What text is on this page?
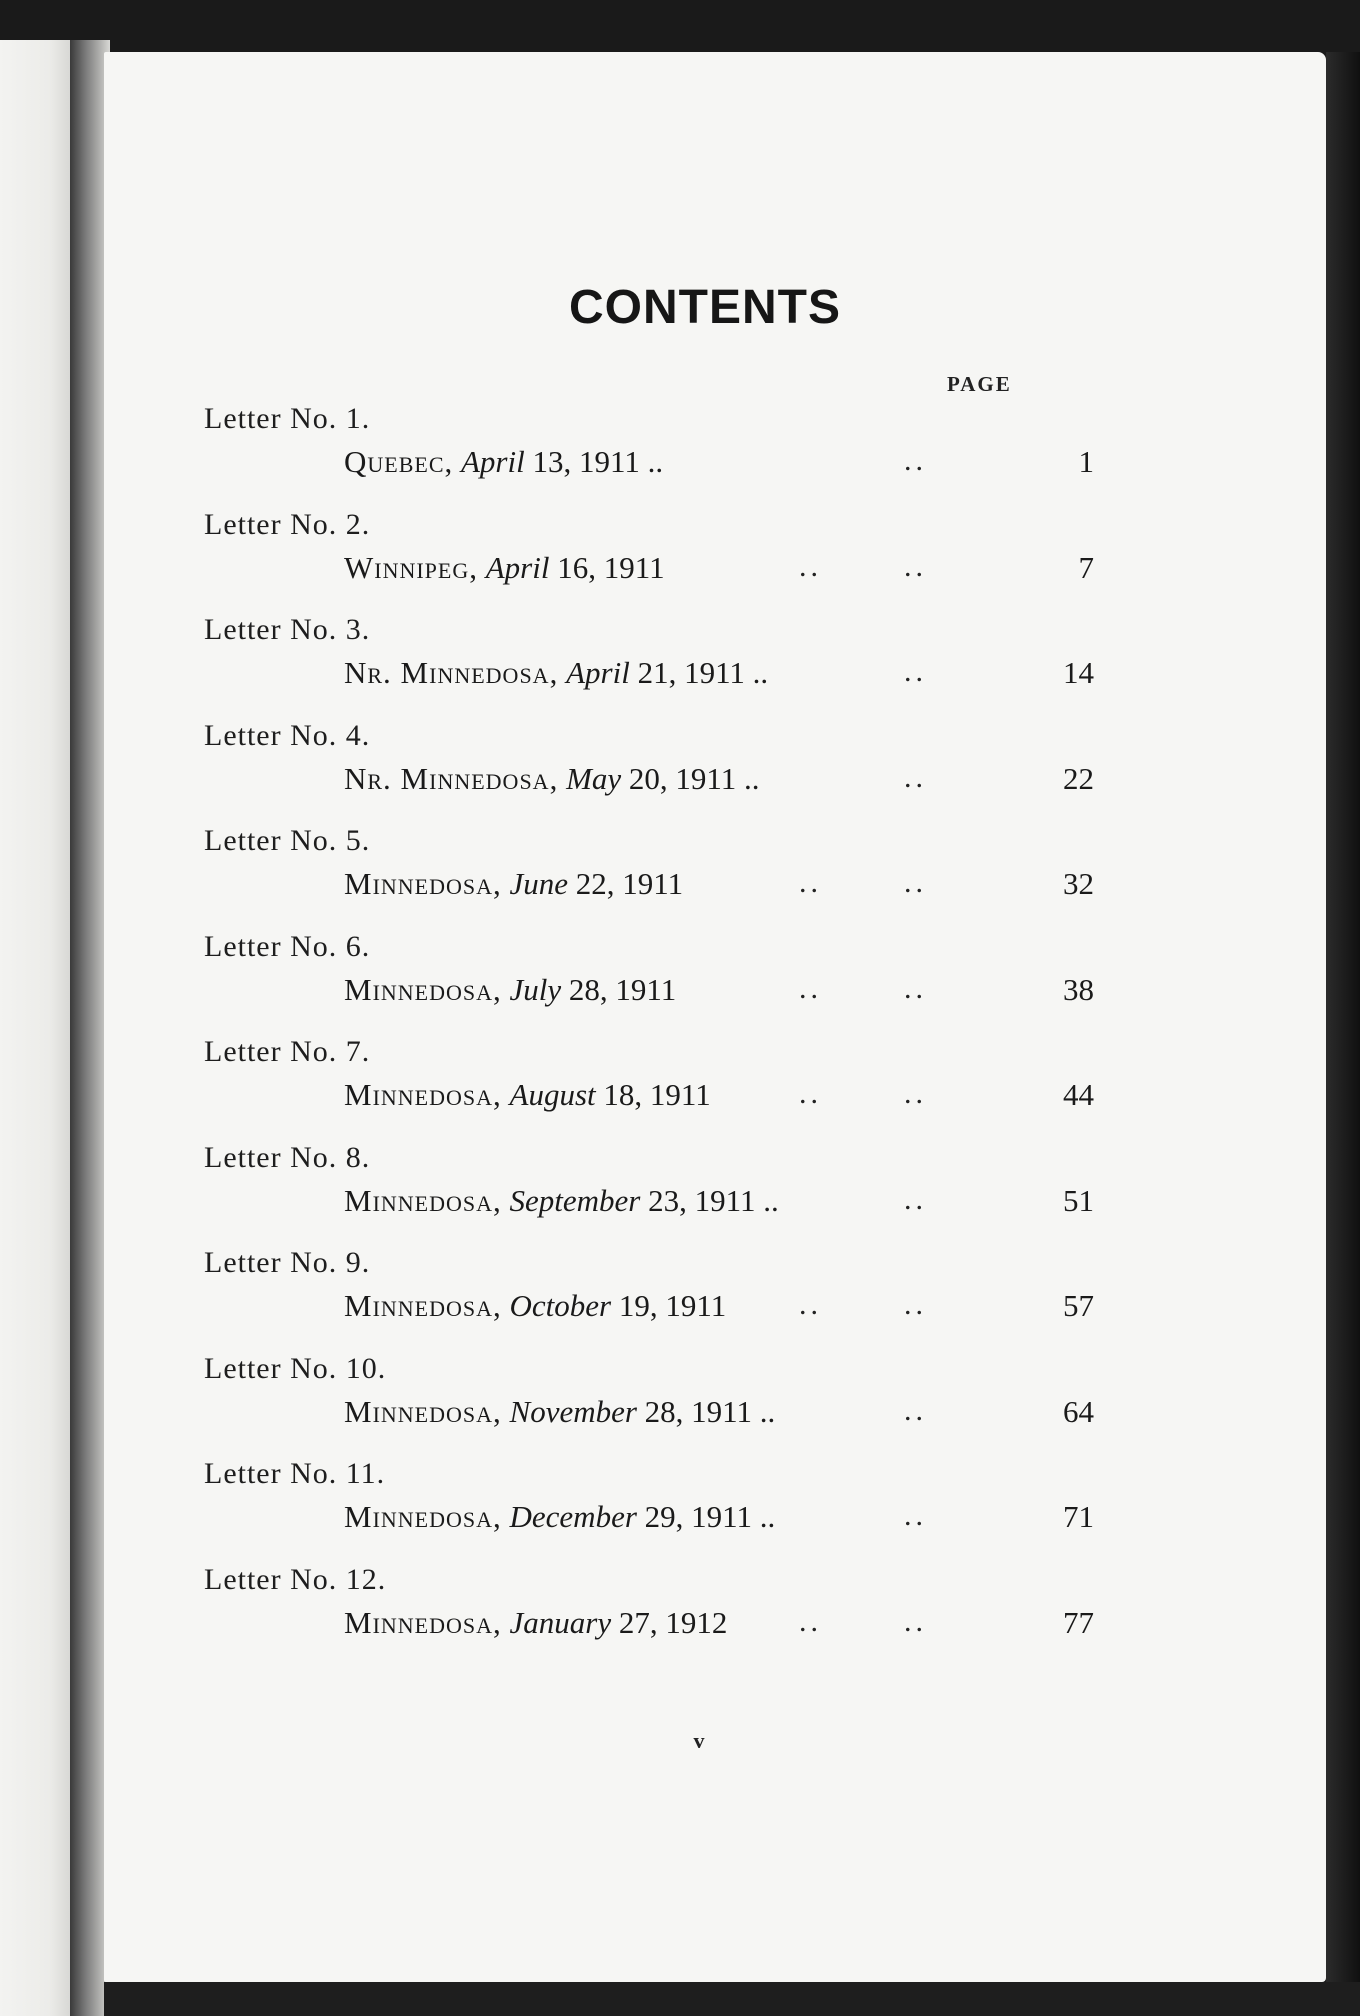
CONTENTS
PAGE
Letter No. 1.
Quebec, April 13, 1911 ..	..	1
Letter No. 2.
Winnipeg, April 16, 1911	..	..	7
Letter No. 3.
Nr. Minnedosa, April 21, 1911 ..	..	14
Letter No. 4.
Nr. Minnedosa, May 20, 1911 ..	..	22
Letter No. 5.
Minnedosa, June 22, 1911	..	..	32
Letter No. 6.
Minnedosa, July 28, 1911	..	..	38
Letter No. 7.
Minnedosa, August 18, 1911	..	..	44
Letter No. 8.
Minnedosa, September 23, 1911 ..	..	51
Letter No. 9.
Minnedosa, October 19, 1911 ..	..	57
Letter No. 10.
Minnedosa, November 28, 1911 ..	..	64
Letter No. 11.
Minnedosa, December 29, 1911 ..	..	71
Letter No. 12.
Minnedosa, January 27, 1912 ..	..	77
v
